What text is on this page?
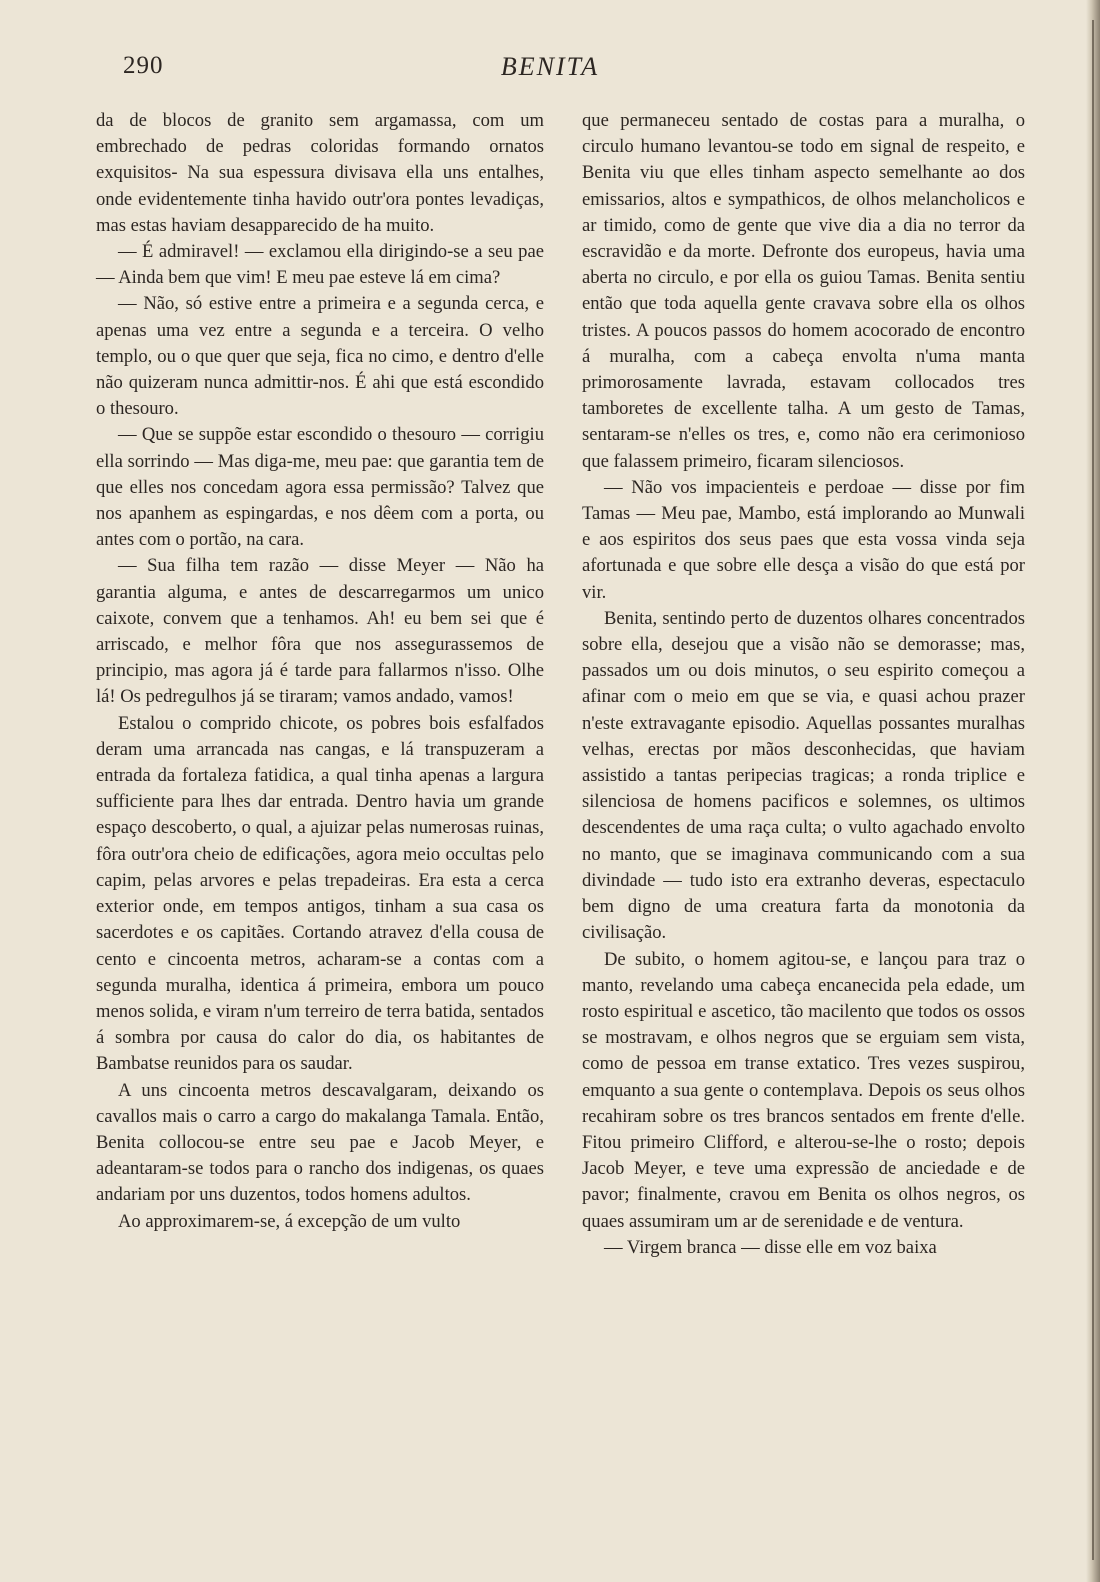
290	BENITA

da de blocos de granito sem argamassa, com um embrechado de pedras coloridas formando ornatos exquisitos- Na sua espessura divisava ella uns entalhes, onde evidentemente tinha havido outr'ora pontes levadiças, mas estas haviam desapparecido de ha muito.

— É admiravel! — exclamou ella dirigindo-se a seu pae — Ainda bem que vim! E meu pae esteve lá em cima?

— Não, só estive entre a primeira e a segunda cerca, e apenas uma vez entre a segunda e a terceira. O velho templo, ou o que quer que seja, fica no cimo, e dentro d'elle não quizeram nunca admittir-nos. É ahi que está escondido o thesouro.

— Que se suppõe estar escondido o thesouro — corrigiu ella sorrindo — Mas diga-me, meu pae: que garantia tem de que elles nos concedam agora essa permissão? Talvez que nos apanhem as espingardas, e nos dêem com a porta, ou antes com o portão, na cara.

— Sua filha tem razão — disse Meyer — Não ha garantia alguma, e antes de descarregarmos um unico caixote, convem que a tenhamos. Ah! eu bem sei que é arriscado, e melhor fôra que nos assegurassemos de principio, mas agora já é tarde para fallarmos n'isso. Olhe lá! Os pedregulhos já se tiraram; vamos andado, vamos!

Estalou o comprido chicote, os pobres bois esfalfados deram uma arrancada nas cangas, e lá transpuzeram a entrada da fortaleza fatidica, a qual tinha apenas a largura sufficiente para lhes dar entrada. Dentro havia um grande espaço descoberto, o qual, a ajuizar pelas numerosas ruinas, fôra outr'ora cheio de edificações, agora meio occultas pelo capim, pelas arvores e pelas trepadeiras. Era esta a cerca exterior onde, em tempos antigos, tinham a sua casa os sacerdotes e os capitães. Cortando atravez d'ella cousa de cento e cincoenta metros, acharam-se a contas com a segunda muralha, identica á primeira, embora um pouco menos solida, e viram n'um terreiro de terra batida, sentados á sombra por causa do calor do dia, os habitantes de Bambatse reunidos para os saudar.

A uns cincoenta metros descavalgaram, deixando os cavallos mais o carro a cargo do makalanga Tamala. Então, Benita collocou-se entre seu pae e Jacob Meyer, e adeantaram-se todos para o rancho dos indigenas, os quaes andariam por uns duzentos, todos homens adultos.

Ao approximarem-se, á excepção de um vulto

que permaneceu sentado de costas para a muralha, o circulo humano levantou-se todo em signal de respeito, e Benita viu que elles tinham aspecto semelhante ao dos emissarios, altos e sympathicos, de olhos melancholicos e ar timido, como de gente que vive dia a dia no terror da escravidão e da morte. Defronte dos europeus, havia uma aberta no circulo, e por ella os guiou Tamas. Benita sentiu então que toda aquella gente cravava sobre ella os olhos tristes. A poucos passos do homem acocorado de encontro á muralha, com a cabeça envolta n'uma manta primorosamente lavrada, estavam collocados tres tamboretes de excellente talha. A um gesto de Tamas, sentaram-se n'elles os tres, e, como não era cerimonioso que falassem primeiro, ficaram silenciosos.

— Não vos impacienteis e perdoae — disse por fim Tamas — Meu pae, Mambo, está implorando ao Munwali e aos espiritos dos seus paes que esta vossa vinda seja afortunada e que sobre elle desça a visão do que está por vir.

Benita, sentindo perto de duzentos olhares concentrados sobre ella, desejou que a visão não se demorasse; mas, passados um ou dois minutos, o seu espirito começou a afinar com o meio em que se via, e quasi achou prazer n'este extravagante episodio. Aquellas possantes muralhas velhas, erectas por mãos desconhecidas, que haviam assistido a tantas peripecias tragicas; a ronda triplice e silenciosa de homens pacificos e solemnes, os ultimos descendentes de uma raça culta; o vulto agachado envolto no manto, que se imaginava communicando com a sua divindade — tudo isto era extranho deveras, espectaculo bem digno de uma creatura farta da monotonia da civilisação.

De subito, o homem agitou-se, e lançou para traz o manto, revelando uma cabeça encanecida pela edade, um rosto espiritual e ascetico, tão macilento que todos os ossos se mostravam, e olhos negros que se erguiam sem vista, como de pessoa em transe extatico. Tres vezes suspirou, emquanto a sua gente o contemplava. Depois os seus olhos recahiram sobre os tres brancos sentados em frente d'elle. Fitou primeiro Clifford, e alterou-se-lhe o rosto; depois Jacob Meyer, e teve uma expressão de anciedade e de pavor; finalmente, cravou em Benita os olhos negros, os quaes assumiram um ar de serenidade e de ventura.

— Virgem branca — disse elle em voz baixa
